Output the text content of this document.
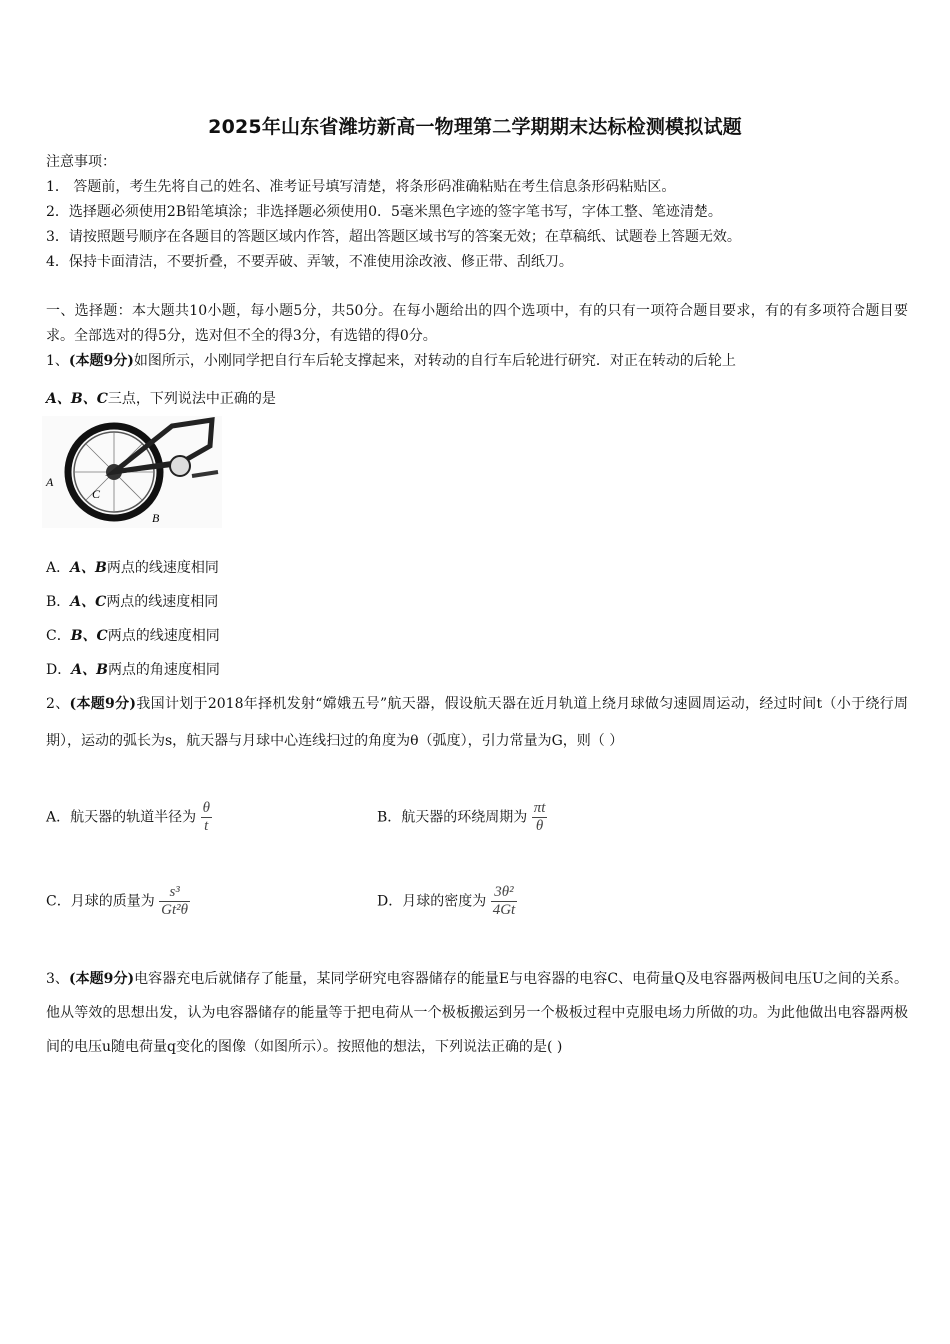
2025年山东省潍坊新高一物理第二学期期末达标检测模拟试题
注意事项：
1． 答题前，考生先将自己的姓名、准考证号填写清楚，将条形码准确粘贴在考生信息条形码粘贴区。
2．选择题必须使用2B铅笔填涂；非选择题必须使用0．5毫米黑色字迹的签字笔书写，字体工整、笔迹清楚。
3．请按照题号顺序在各题目的答题区域内作答，超出答题区域书写的答案无效；在草稿纸、试题卷上答题无效。
4．保持卡面清洁，不要折叠，不要弄破、弄皱，不准使用涂改液、修正带、刮纸刀。
一、选择题：本大题共10小题，每小题5分，共50分。在每小题给出的四个选项中，有的只有一项符合题目要求，有的有多项符合题目要求。全部选对的得5分，选对但不全的得3分，有选错的得0分。
1、(本题9分)如图所示，小刚同学把自行车后轮支撑起来，对转动的自行车后轮进行研究．对正在转动的后轮上
A、B、C三点，下列说法中正确的是
A
C
B
A．A、B两点的线速度相同
B．A、C两点的线速度相同
C．B、C两点的线速度相同
D．A、B两点的角速度相同
2、(本题9分)我国计划于2018年择机发射“嫦娥五号”航天器，假设航天器在近月轨道上绕月球做匀速圆周运动，经过时间t（小于绕行周期），运动的弧长为s，航天器与月球中心连线扫过的角度为θ（弧度），引力常量为G，则（ ）
A．航天器的轨道半径为 $\frac{\theta}{t}$	B．航天器的环绕周期为 $\frac{\pi t}{\theta}$
C．月球的质量为 $\frac{\text{s³}}{\text{Gt²θ}}$	D．月球的密度为 $\frac{\text{3θ²}}{4Gt}$
3、(本题9分)电容器充电后就储存了能量，某同学研究电容器储存的能量E与电容器的电容C、电荷量Q及电容器两极间电压U之间的关系。他从等效的思想出发，认为电容器储存的能量等于把电荷从一个极板搬运到另一个极板过程中克服电场力所做的功。为此他做出电容器两极间的电压u随电荷量q变化的图像（如图所示）。按照他的想法，下列说法正确的是( )
